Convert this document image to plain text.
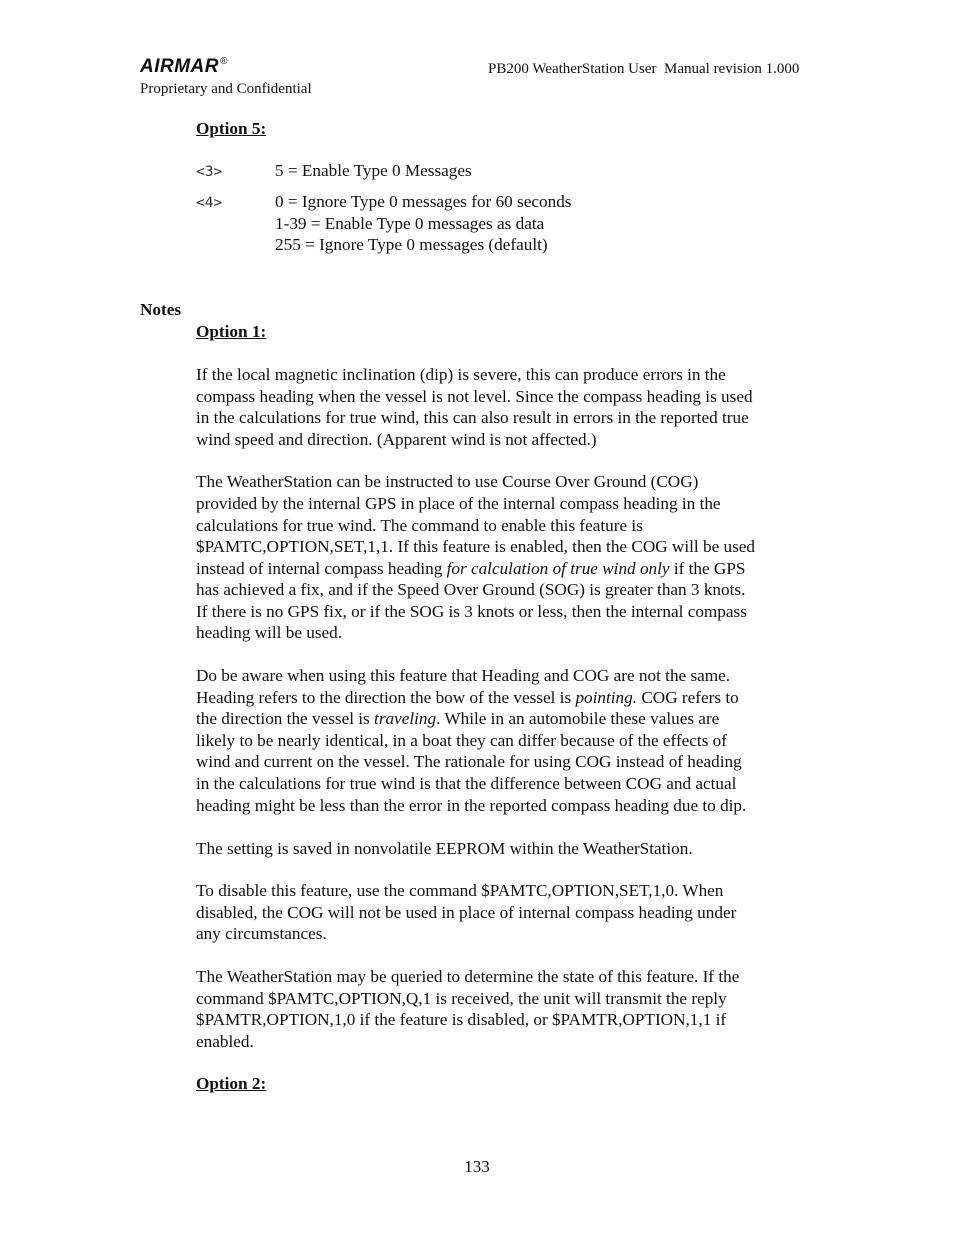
AIRMAR®
Proprietary and Confidential
PB200 WeatherStation User  Manual revision 1.000
Option 5:
<3>	5 = Enable Type 0 Messages
<4>	0 = Ignore Type 0 messages for 60 seconds
1-39 = Enable Type 0 messages as data
255 = Ignore Type 0 messages (default)
Notes
Option 1:
If the local magnetic inclination (dip) is severe, this can produce errors in the
compass heading when the vessel is not level. Since the compass heading is used
in the calculations for true wind, this can also result in errors in the reported true
wind speed and direction. (Apparent wind is not affected.)
The WeatherStation can be instructed to use Course Over Ground (COG)
provided by the internal GPS in place of the internal compass heading in the
calculations for true wind. The command to enable this feature is
$PAMTC,OPTION,SET,1,1. If this feature is enabled, then the COG will be used
instead of internal compass heading for calculation of true wind only if the GPS
has achieved a fix, and if the Speed Over Ground (SOG) is greater than 3 knots.
If there is no GPS fix, or if the SOG is 3 knots or less, then the internal compass
heading will be used.
Do be aware when using this feature that Heading and COG are not the same.
Heading refers to the direction the bow of the vessel is pointing. COG refers to
the direction the vessel is traveling. While in an automobile these values are
likely to be nearly identical, in a boat they can differ because of the effects of
wind and current on the vessel. The rationale for using COG instead of heading
in the calculations for true wind is that the difference between COG and actual
heading might be less than the error in the reported compass heading due to dip.
The setting is saved in nonvolatile EEPROM within the WeatherStation.
To disable this feature, use the command $PAMTC,OPTION,SET,1,0. When
disabled, the COG will not be used in place of internal compass heading under
any circumstances.
The WeatherStation may be queried to determine the state of this feature. If the
command $PAMTC,OPTION,Q,1 is received, the unit will transmit the reply
$PAMTR,OPTION,1,0 if the feature is disabled, or $PAMTR,OPTION,1,1 if
enabled.
Option 2:
133
